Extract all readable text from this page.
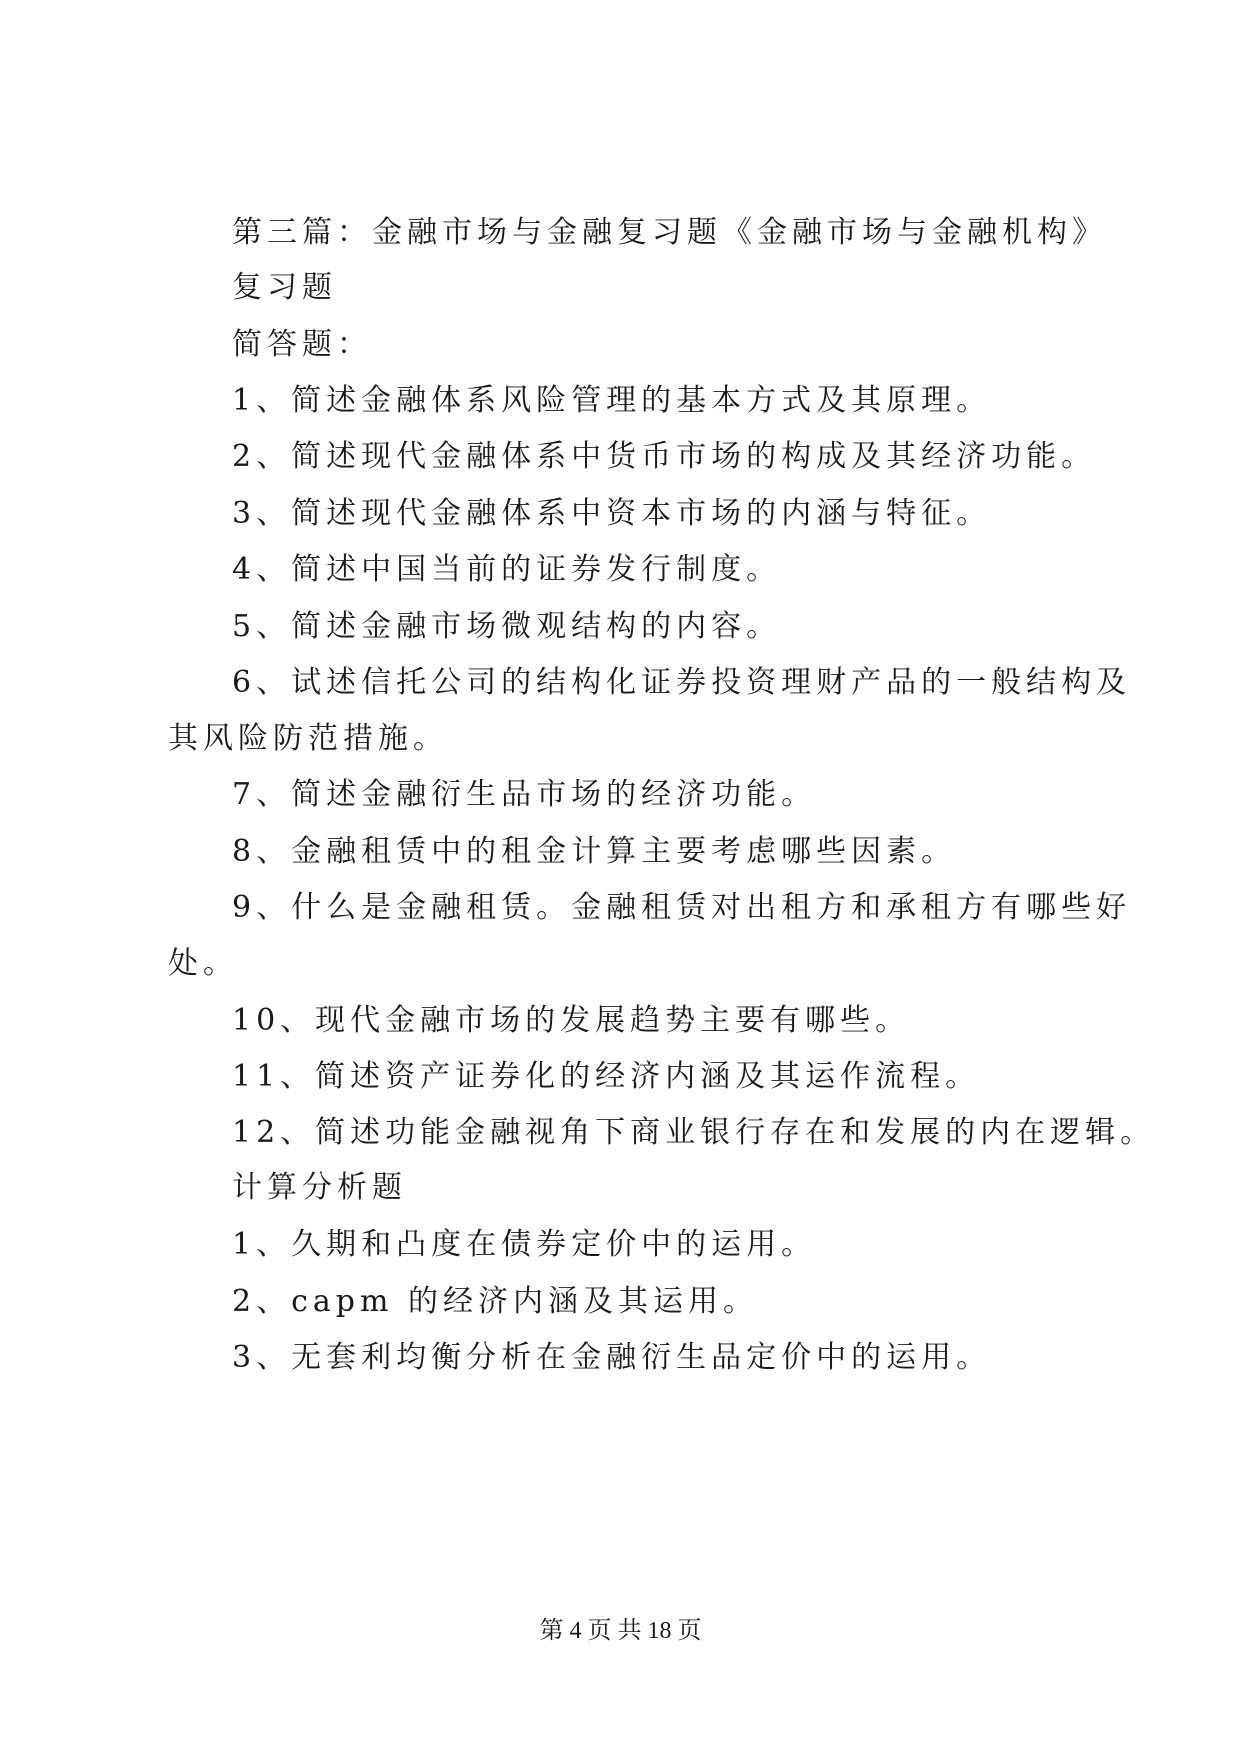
第三篇：金融市场与金融复习题《金融市场与金融机构》
复习题
简答题：
1、简述金融体系风险管理的基本方式及其原理。
2、简述现代金融体系中货币市场的构成及其经济功能。
3、简述现代金融体系中资本市场的内涵与特征。
4、简述中国当前的证券发行制度。
5、简述金融市场微观结构的内容。
6、试述信托公司的结构化证券投资理财产品的一般结构及
其风险防范措施。
7、简述金融衍生品市场的经济功能。
8、金融租赁中的租金计算主要考虑哪些因素。
9、什么是金融租赁。金融租赁对出租方和承租方有哪些好
处。
10、现代金融市场的发展趋势主要有哪些。
11、简述资产证券化的经济内涵及其运作流程。
12、简述功能金融视角下商业银行存在和发展的内在逻辑。
计算分析题
1、久期和凸度在债券定价中的运用。
2、capm 的经济内涵及其运用。
3、无套利均衡分析在金融衍生品定价中的运用。
第 4 页 共 18 页
